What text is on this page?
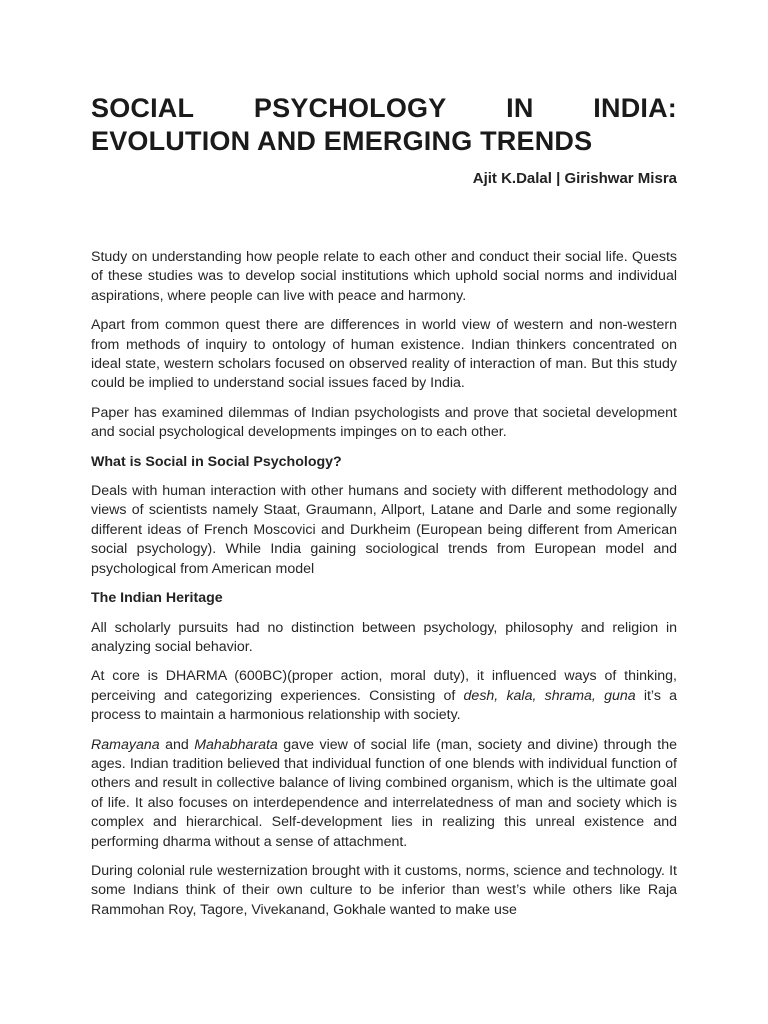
SOCIAL PSYCHOLOGY IN INDIA:
EVOLUTION AND EMERGING TRENDS
Ajit K.Dalal | Girishwar Misra

Study on understanding how people relate to each other and conduct their social life. Quests of these studies was to develop social institutions which uphold social norms and individual aspirations, where people can live with peace and harmony.

Apart from common quest there are differences in world view of western and non-western from methods of inquiry to ontology of human existence. Indian thinkers concentrated on ideal state, western scholars focused on observed reality of interaction of man. But this study could be implied to understand social issues faced by India.

Paper has examined dilemmas of Indian psychologists and prove that societal development and social psychological developments impinges on to each other.

What is Social in Social Psychology?

Deals with human interaction with other humans and society with different methodology and views of scientists namely Staat, Graumann, Allport, Latane and Darle and some regionally different ideas of French Moscovici and Durkheim (European being different from American social psychology). While India gaining sociological trends from European model and psychological from American model

The Indian Heritage

All scholarly pursuits had no distinction between psychology, philosophy and religion in analyzing social behavior.

At core is DHARMA (600BC)(proper action, moral duty), it influenced ways of thinking, perceiving and categorizing experiences. Consisting of desh, kala, shrama, guna it’s a process to maintain a harmonious relationship with society.

Ramayana and Mahabharata gave view of social life (man, society and divine) through the ages. Indian tradition believed that individual function of one blends with individual function of others and result in collective balance of living combined organism, which is the ultimate goal of life. It also focuses on interdependence and interrelatedness of man and society which is complex and hierarchical. Self-development lies in realizing this unreal existence and performing dharma without a sense of attachment.

During colonial rule westernization brought with it customs, norms, science and technology. It some Indians think of their own culture to be inferior than west’s while others like Raja Rammohan Roy, Tagore, Vivekanand, Gokhale wanted to make use
